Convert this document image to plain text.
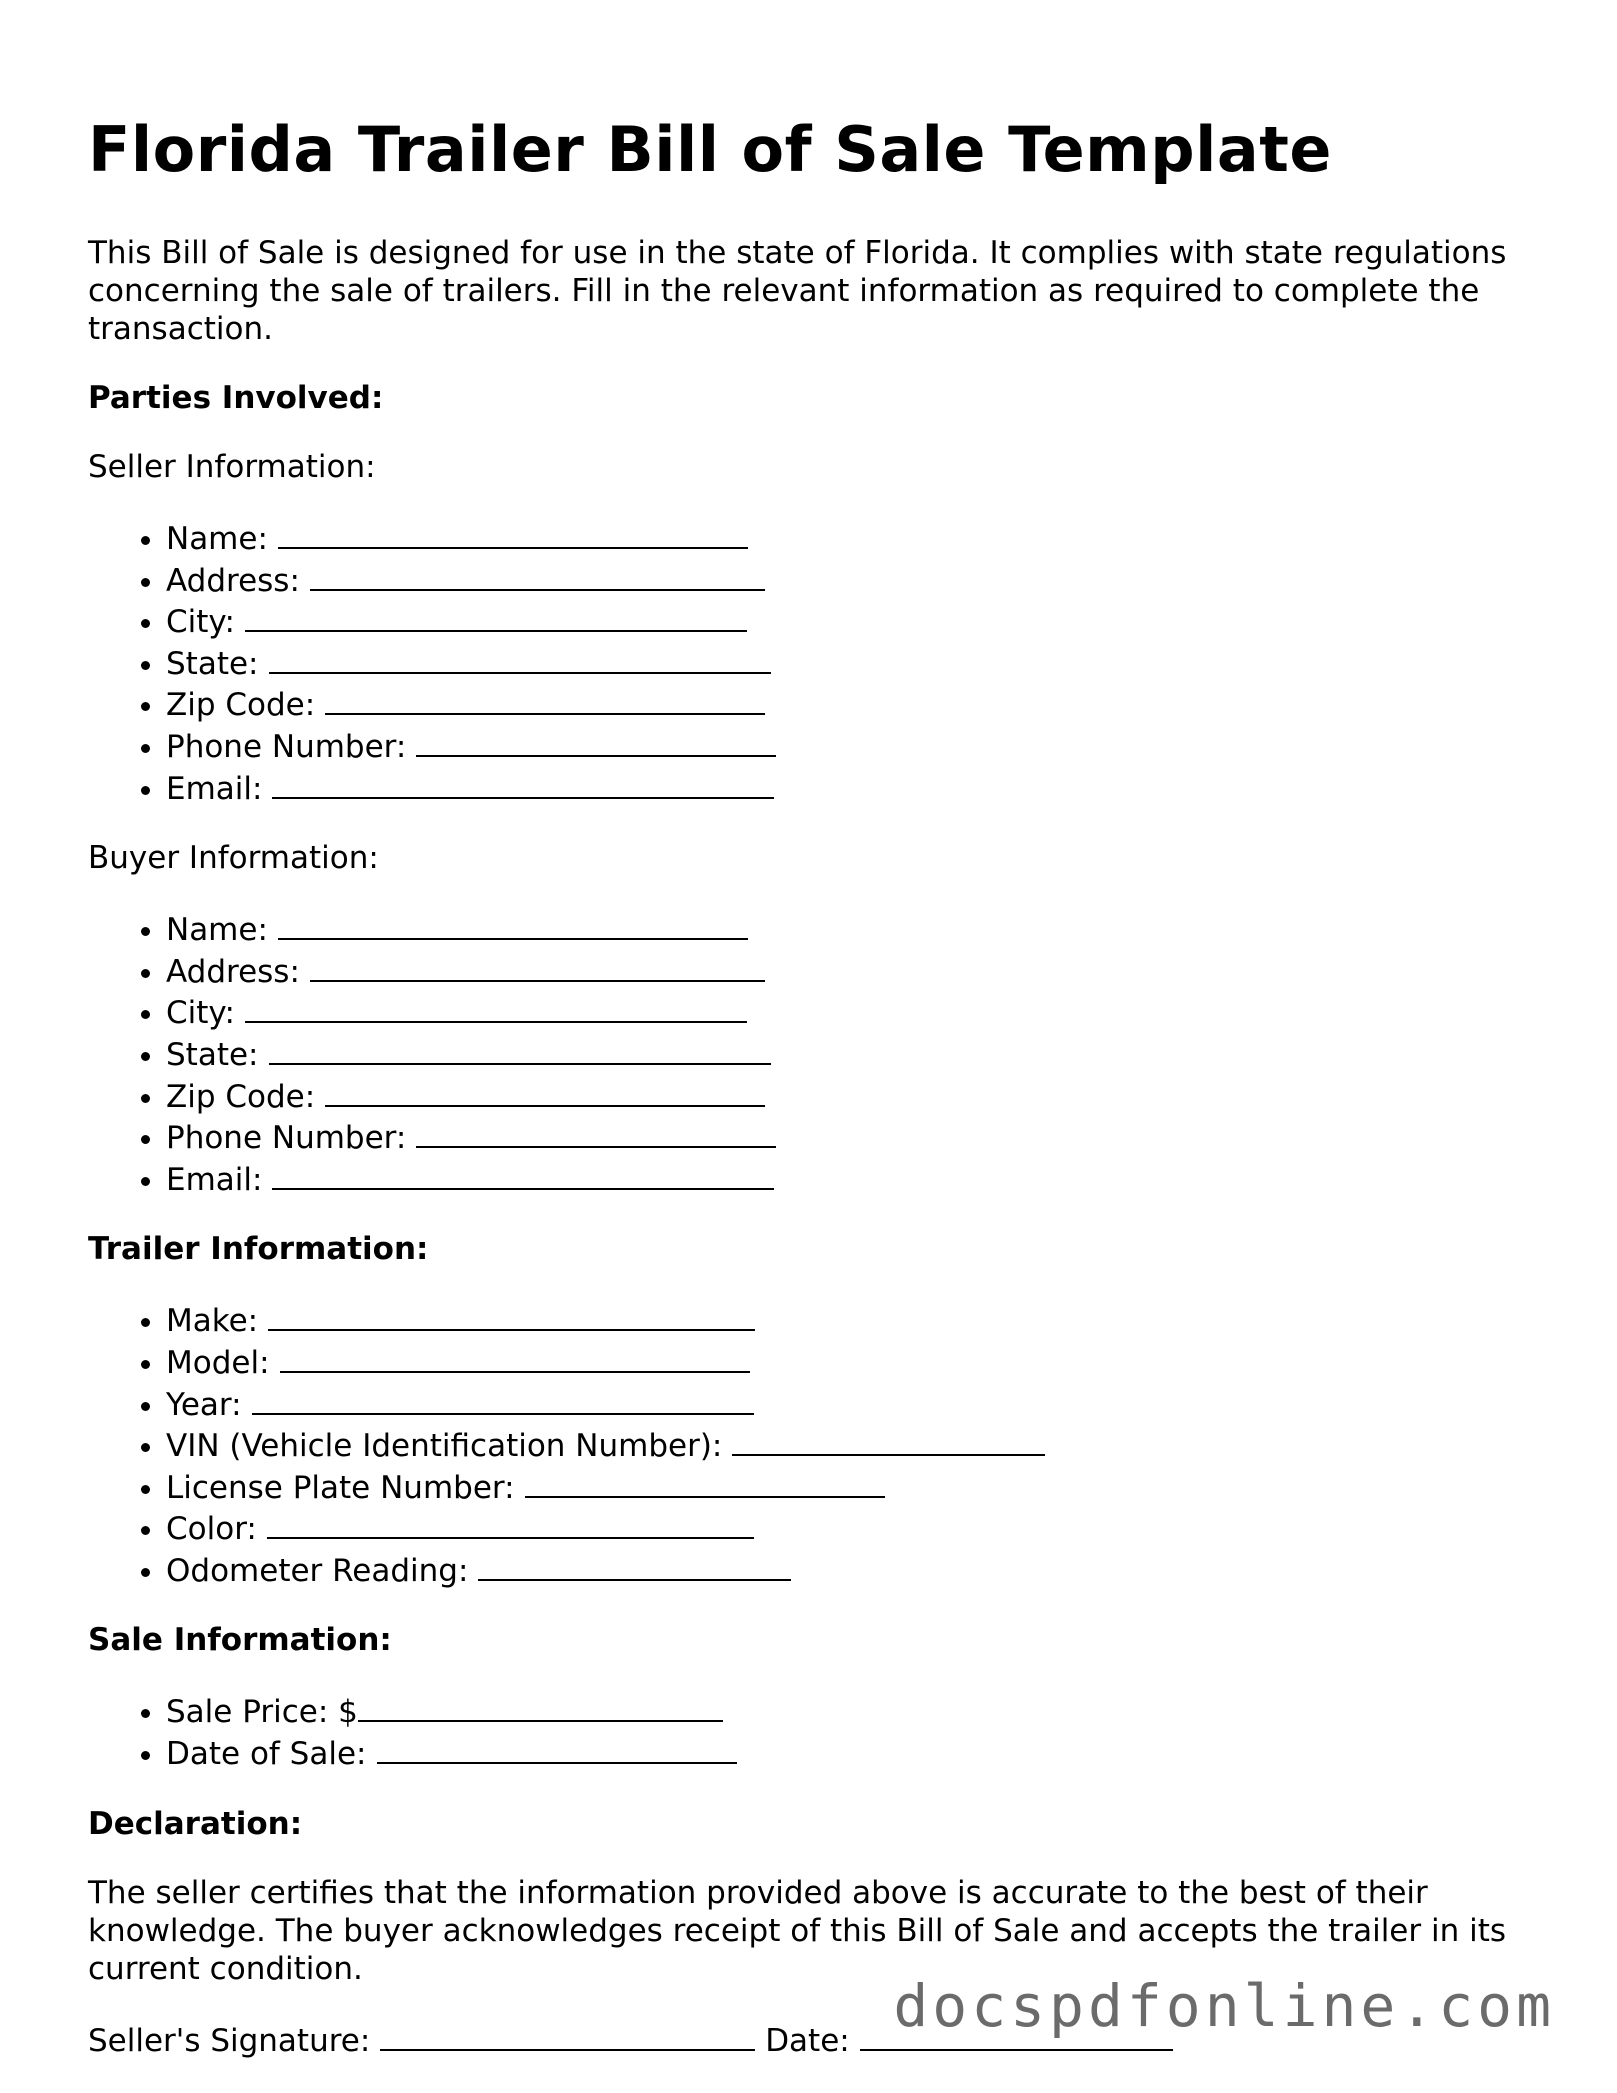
Florida Trailer Bill of Sale Template

This Bill of Sale is designed for use in the state of Florida. It complies with state regulations concerning the sale of trailers. Fill in the relevant information as required to complete the transaction.

Parties Involved:
Seller Information:
• Name:
• Address:
• City:
• State:
• Zip Code:
• Phone Number:
• Email:
Buyer Information:
• Name:
• Address:
• City:
• State:
• Zip Code:
• Phone Number:
• Email:
Trailer Information:
• Make:
• Model:
• Year:
• VIN (Vehicle Identification Number):
• License Plate Number:
• Color:
• Odometer Reading:
Sale Information:
• Sale Price: $
• Date of Sale:
Declaration:

The seller certifies that the information provided above is accurate to the best of their knowledge. The buyer acknowledges receipt of this Bill of Sale and accepts the trailer in its current condition.

Seller's Signature:	Date:
docspdfonline.com
